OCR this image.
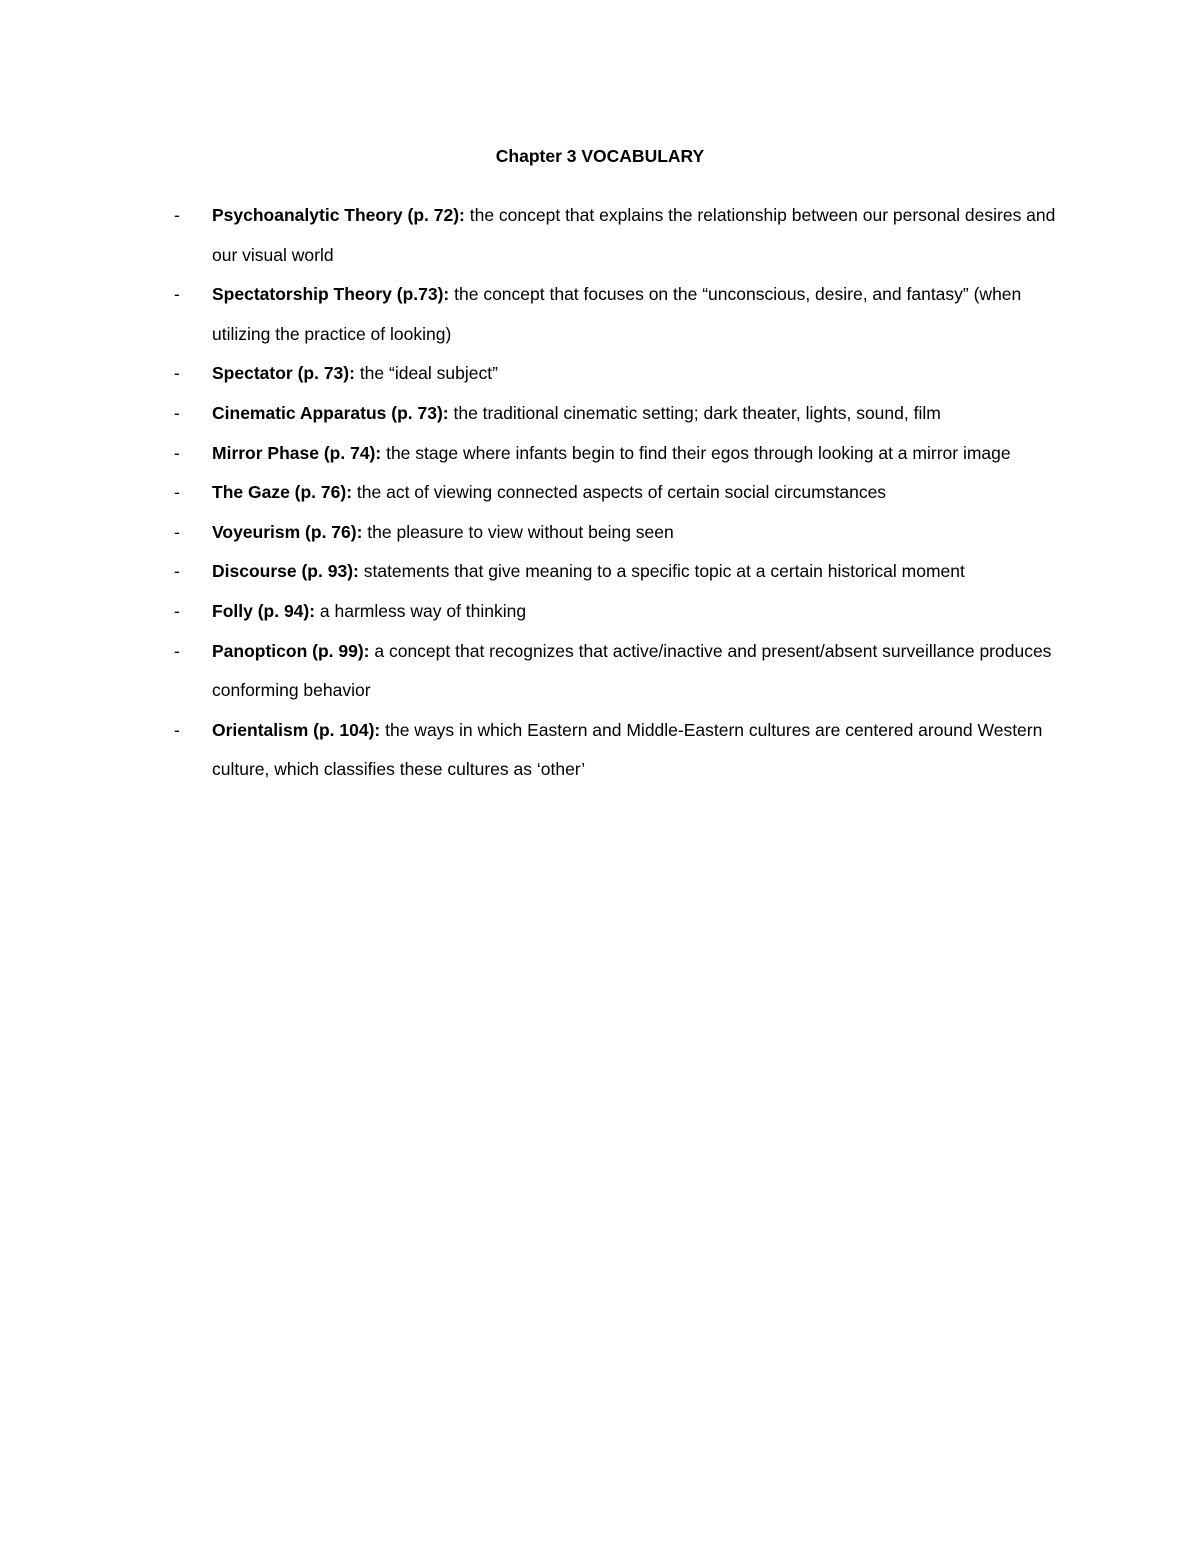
Chapter 3 VOCABULARY
- Psychoanalytic Theory (p. 72): the concept that explains the relationship between our personal desires and our visual world
- Spectatorship Theory (p.73): the concept that focuses on the “unconscious, desire, and fantasy” (when utilizing the practice of looking)
- Spectator (p. 73): the “ideal subject”
- Cinematic Apparatus (p. 73): the traditional cinematic setting; dark theater, lights, sound, film
- Mirror Phase (p. 74): the stage where infants begin to find their egos through looking at a mirror image
- The Gaze (p. 76): the act of viewing connected aspects of certain social circumstances
- Voyeurism (p. 76): the pleasure to view without being seen
- Discourse (p. 93): statements that give meaning to a specific topic at a certain historical moment
- Folly (p. 94): a harmless way of thinking
- Panopticon (p. 99): a concept that recognizes that active/inactive and present/absent surveillance produces conforming behavior
- Orientalism (p. 104): the ways in which Eastern and Middle-Eastern cultures are centered around Western culture, which classifies these cultures as ‘other’
